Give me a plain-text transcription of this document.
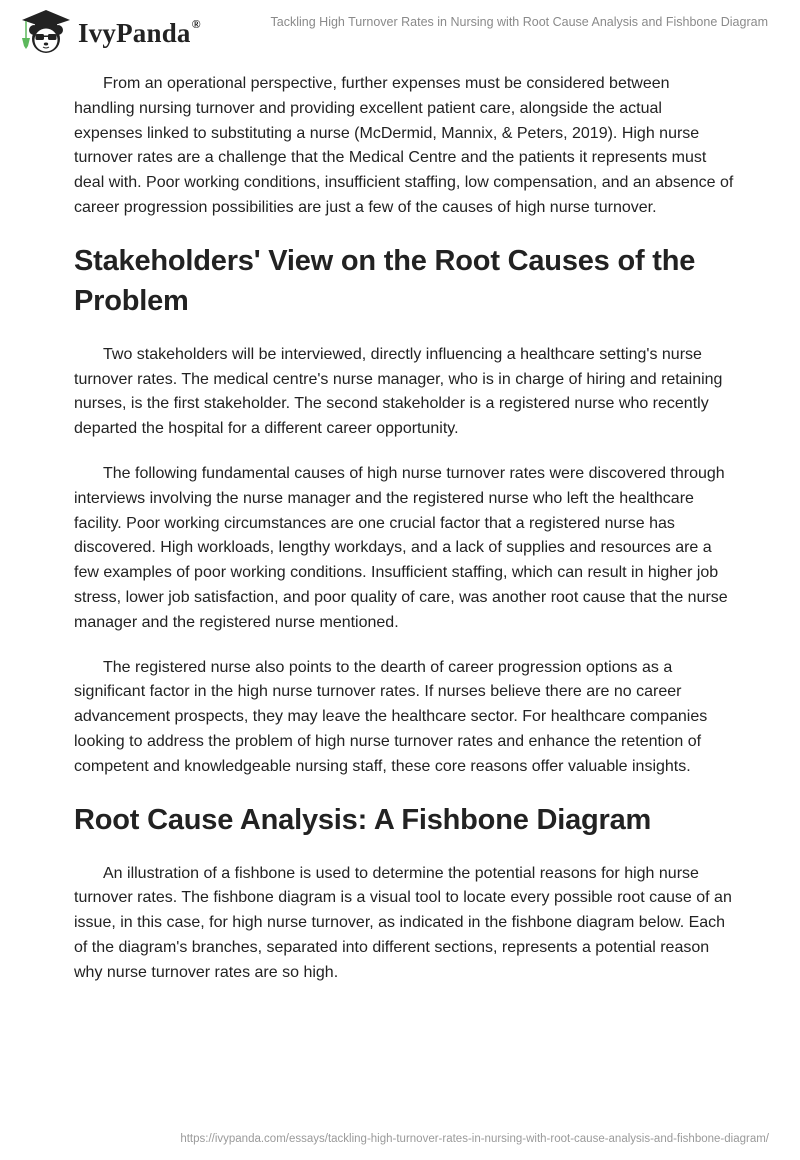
IvyPanda®	Tackling High Turnover Rates in Nursing with Root Cause Analysis and Fishbone Diagram

From an operational perspective, further expenses must be considered between handling nursing turnover and providing excellent patient care, alongside the actual expenses linked to substituting a nurse (McDermid, Mannix, & Peters, 2019). High nurse turnover rates are a challenge that the Medical Centre and the patients it represents must deal with. Poor working conditions, insufficient staffing, low compensation, and an absence of career progression possibilities are just a few of the causes of high nurse turnover.

Stakeholders' View on the Root Causes of the Problem

Two stakeholders will be interviewed, directly influencing a healthcare setting's nurse turnover rates. The medical centre's nurse manager, who is in charge of hiring and retaining nurses, is the first stakeholder. The second stakeholder is a registered nurse who recently departed the hospital for a different career opportunity.

The following fundamental causes of high nurse turnover rates were discovered through interviews involving the nurse manager and the registered nurse who left the healthcare facility. Poor working circumstances are one crucial factor that a registered nurse has discovered. High workloads, lengthy workdays, and a lack of supplies and resources are a few examples of poor working conditions. Insufficient staffing, which can result in higher job stress, lower job satisfaction, and poor quality of care, was another root cause that the nurse manager and the registered nurse mentioned.

The registered nurse also points to the dearth of career progression options as a significant factor in the high nurse turnover rates. If nurses believe there are no career advancement prospects, they may leave the healthcare sector. For healthcare companies looking to address the problem of high nurse turnover rates and enhance the retention of competent and knowledgeable nursing staff, these core reasons offer valuable insights.

Root Cause Analysis: A Fishbone Diagram

An illustration of a fishbone is used to determine the potential reasons for high nurse turnover rates. The fishbone diagram is a visual tool to locate every possible root cause of an issue, in this case, for high nurse turnover, as indicated in the fishbone diagram below. Each of the diagram's branches, separated into different sections, represents a potential reason why nurse turnover rates are so high.

https://ivypanda.com/essays/tackling-high-turnover-rates-in-nursing-with-root-cause-analysis-and-fishbone-diagram/
